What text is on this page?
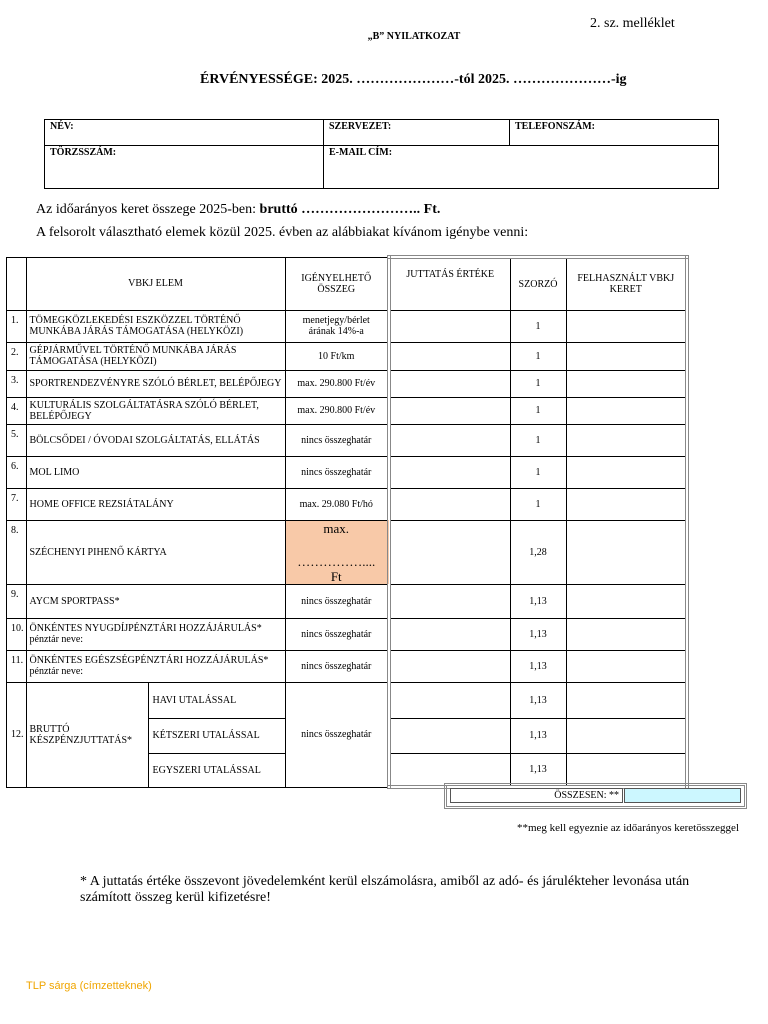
2. sz. melléklet
„B” NYILATKOZAT
ÉRVÉNYESSÉGE: 2025. …………………-tól 2025. …………………-ig
NÉV:	SZERVEZET:	TELEFONSZÁM:
TÖRZSSZÁM:	E-MAIL CÍM:	
Az időarányos keret összege 2025-ben: bruttó …………………….. Ft.
A felsorolt választható elemek közül 2025. évben az alábbiakat kívánom igénybe venni:
	VBKJ ELEM		IGÉNYELHETŐ ÖSSZEG	JUTTATÁS ÉRTÉKE	SZORZÓ	FELHASZNÁLT VBKJ KERET
1.	TÖMEGKÖZLEKEDÉSI ESZKÖZZEL TÖRTÉNŐ MUNKÁBA JÁRÁS TÁMOGATÁSA (HELYKÖZI)		menetjegy/bérlet árának 14%-a		1	
2.	GÉPJÁRMŰVEL TÖRTÉNŐ MUNKÁBA JÁRÁS TÁMOGATÁSA (HELYKÖZI)		10 Ft/km		1	
3.	SPORTRENDEZVÉNYRE SZÓLÓ BÉRLET, BELÉPŐJEGY		max. 290.800 Ft/év		1	
4.	KULTURÁLIS SZOLGÁLTATÁSRA SZÓLÓ BÉRLET, BELÉPŐJEGY		max. 290.800 Ft/év		1	
5.	BÖLCSŐDEI / ÓVODAI SZOLGÁLTATÁS, ELLÁTÁS		nincs összeghatár		1	
6.	MOL LIMO		nincs összeghatár		1	
7.	HOME OFFICE REZSIÁTALÁNY		max. 29.080 Ft/hó		1	
8.	SZÉCHENYI PIHENŐ KÁRTYA		max.
……………....
Ft		1,28	
9.	AYCM SPORTPASS*		nincs összeghatár		1,13	
10.	ÖNKÉNTES NYUGDÍJPÉNZTÁRI HOZZÁJÁRULÁS*
pénztár neve:		nincs összeghatár		1,13	
11.	ÖNKÉNTES EGÉSZSÉGPÉNZTÁRI HOZZÁJÁRULÁS*
pénztár neve:		nincs összeghatár		1,13	
12.	BRUTTÓ KÉSZPÉNZJUTTATÁS*	HAVI UTALÁSSAL	nincs összeghatár		1,13	
		KÉTSZERI UTALÁSSAL			1,13	
		EGYSZERI UTALÁSSAL			1,13	
ÖSSZESEN: **
**meg kell egyeznie az időarányos keretösszeggel
* A juttatás értéke összevont jövedelemként kerül elszámolásra, amiből az adó- és járulékteher levonása után számított összeg kerül kifizetésre!
TLP sárga (címzetteknek)
